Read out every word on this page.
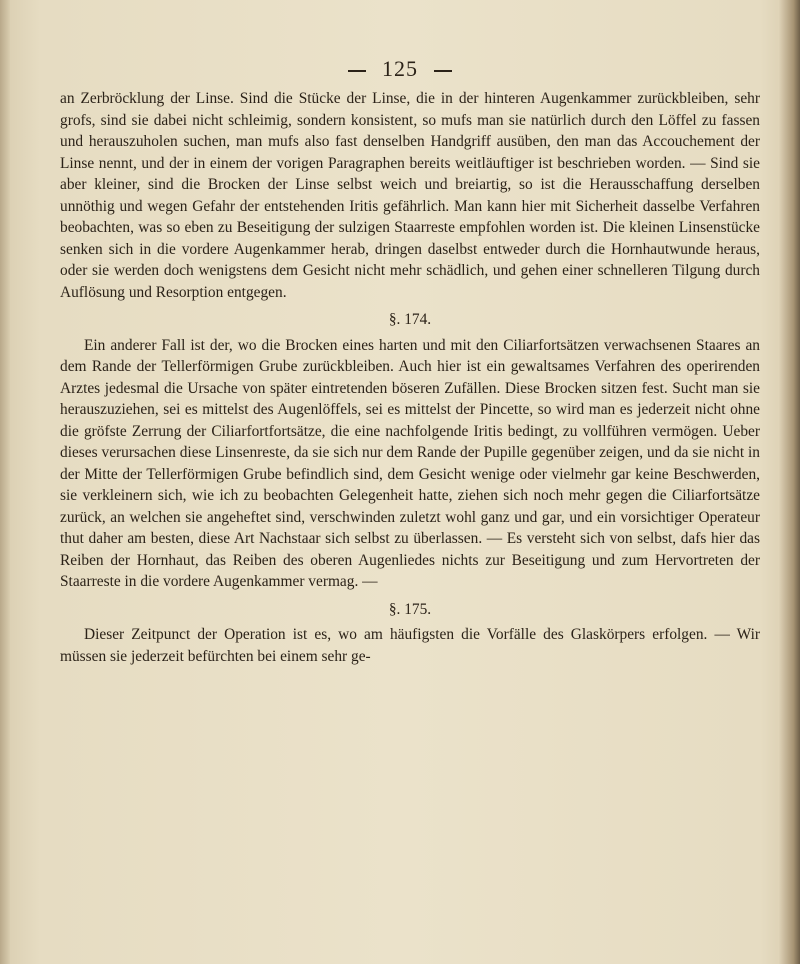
125

an Zerbröcklung der Linse. Sind die Stücke der Linse, die in der hinteren Augenkammer zurückbleiben, sehr grofs, sind sie dabei nicht schleimig, sondern konsistent, so mufs man sie natürlich durch den Löffel zu fassen und herauszuholen suchen, man mufs also fast denselben Handgriff ausüben, den man das Accouchement der Linse nennt, und der in einem der vorigen Paragraphen bereits weitläuftiger ist beschrieben worden. — Sind sie aber kleiner, sind die Brocken der Linse selbst weich und breiartig, so ist die Herausschaffung derselben unnöthig und wegen Gefahr der entstehenden Iritis gefährlich. Man kann hier mit Sicherheit dasselbe Verfahren beobachten, was so eben zu Beseitigung der sulzigen Staarreste empfohlen worden ist. Die kleinen Linsenstücke senken sich in die vordere Augenkammer herab, dringen daselbst entweder durch die Hornhautwunde heraus, oder sie werden doch wenigstens dem Gesicht nicht mehr schädlich, und gehen einer schnelleren Tilgung durch Auflösung und Resorption entgegen.

§. 174.

Ein anderer Fall ist der, wo die Brocken eines harten und mit den Ciliarfortsätzen verwachsenen Staares an dem Rande der Tellerförmigen Grube zurückbleiben. Auch hier ist ein gewaltsames Verfahren des operirenden Arztes jedesmal die Ursache von später eintretenden böseren Zufällen. Diese Brocken sitzen fest. Sucht man sie herauszuziehen, sei es mittelst des Augenlöffels, sei es mittelst der Pincette, so wird man es jederzeit nicht ohne die gröfste Zerrung der Ciliarfortfortsätze, die eine nachfolgende Iritis bedingt, zu vollführen vermögen. Ueber dieses verursachen diese Linsenreste, da sie sich nur dem Rande der Pupille gegenüber zeigen, und da sie nicht in der Mitte der Tellerförmigen Grube befindlich sind, dem Gesicht wenige oder vielmehr gar keine Beschwerden, sie verkleinern sich, wie ich zu beobachten Gelegenheit hatte, ziehen sich noch mehr gegen die Ciliarfortsätze zurück, an welchen sie angeheftet sind, verschwinden zuletzt wohl ganz und gar, und ein vorsichtiger Operateur thut daher am besten, diese Art Nachstaar sich selbst zu überlassen. — Es versteht sich von selbst, dafs hier das Reiben der Hornhaut, das Reiben des oberen Augenliedes nichts zur Beseitigung und zum Hervortreten der Staarreste in die vordere Augenkammer vermag. —

§. 175.

Dieser Zeitpunct der Operation ist es, wo am häufigsten die Vorfälle des Glaskörpers erfolgen. — Wir müssen sie jederzeit befürchten bei einem sehr ge-
